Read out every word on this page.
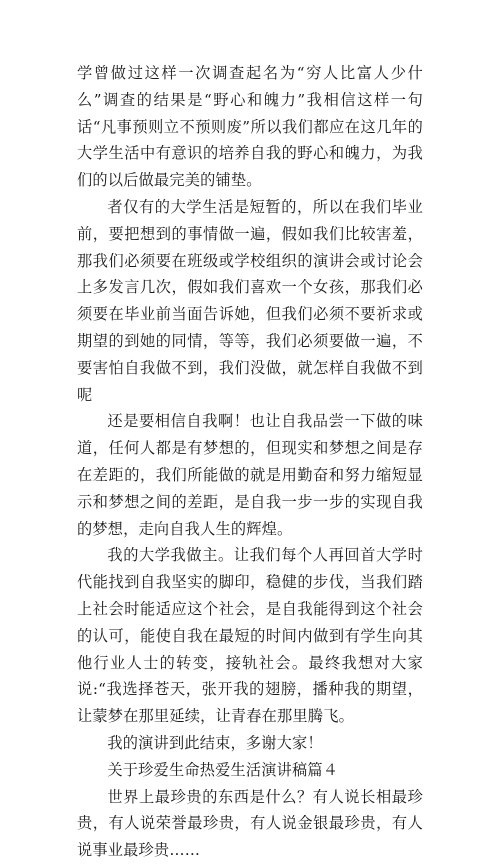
学曾做过这样一次调查起名为“穷人比富人少什么”调查的结果是“野心和魄力”我相信这样一句话“凡事预则立不预则废”所以我们都应在这几年的大学生活中有意识的培养自我的野心和魄力，为我们的以后做最完美的铺垫。

者仅有的大学生活是短暂的，所以在我们毕业前，要把想到的事情做一遍，假如我们比较害羞，那我们必须要在班级或学校组织的演讲会或讨论会上多发言几次，假如我们喜欢一个女孩，那我们必须要在毕业前当面告诉她，但我们必须不要祈求或期望的到她的同情，等等，我们必须要做一遍，不要害怕自我做不到，我们没做，就怎样自我做不到呢

还是要相信自我啊！也让自我品尝一下做的味道，任何人都是有梦想的，但现实和梦想之间是存在差距的，我们所能做的就是用勤奋和努力缩短显示和梦想之间的差距，是自我一步一步的实现自我的梦想，走向自我人生的辉煌。

我的大学我做主。让我们每个人再回首大学时代能找到自我坚实的脚印，稳健的步伐，当我们踏上社会时能适应这个社会，是自我能得到这个社会的认可，能使自我在最短的时间内做到有学生向其他行业人士的转变，接轨社会。最终我想对大家说:“我选择苍天，张开我的翅膀，播种我的期望，让蒙梦在那里延续，让青春在那里腾飞。

我的演讲到此结束，多谢大家！

关于珍爱生命热爱生活演讲稿篇４

世界上最珍贵的东西是什么？有人说长相最珍贵，有人说荣誉最珍贵，有人说金银最珍贵，有人说事业最珍贵……
